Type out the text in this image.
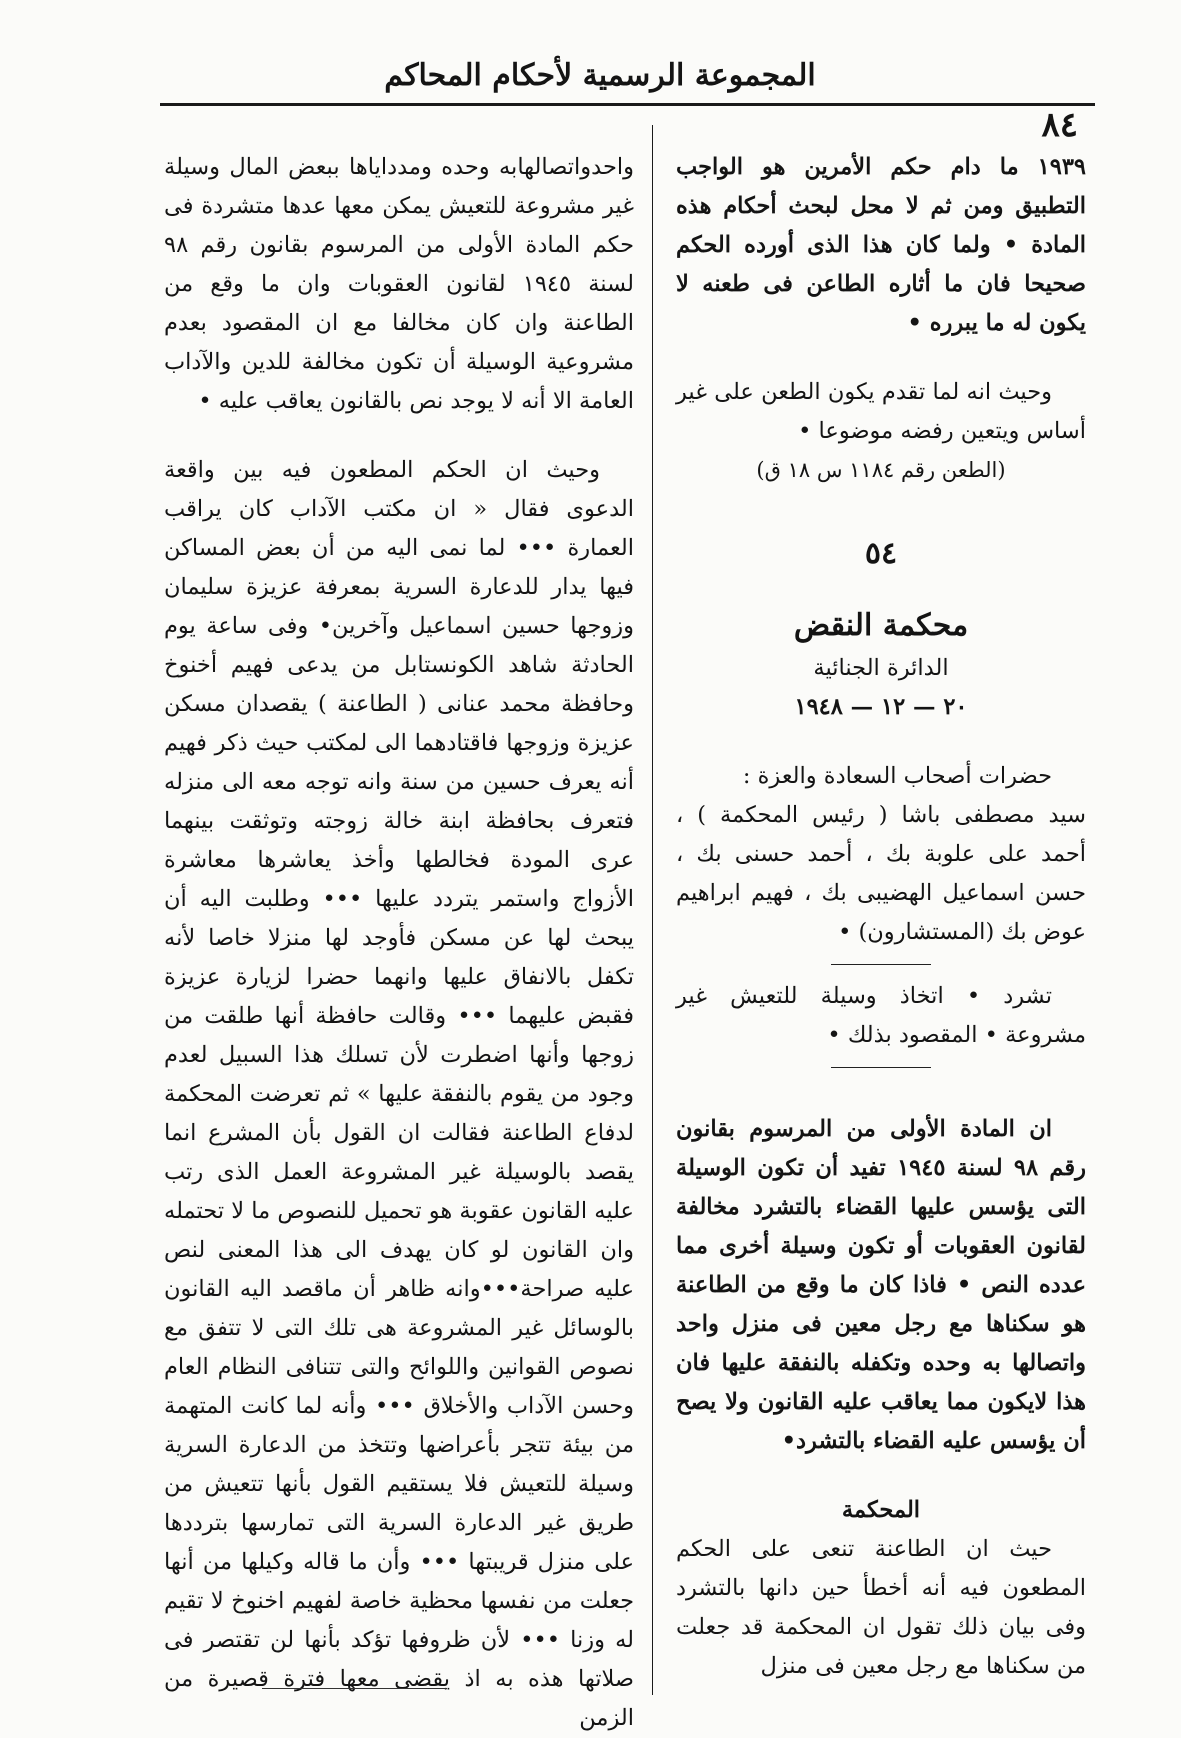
المجموعة الرسمية لأحكام المحاكم
٨٤

١٩٣٩ ما دام حكم الأمرين هو الواجب التطبيق ومن ثم لا محل لبحث أحكام هذه المادة • ولما كان هذا الذى أورده الحكم صحيحا فان ما أثاره الطاعن فى طعنه لا يكون له ما يبرره •

وحيث انه لما تقدم يكون الطعن على غير أساس ويتعين رفضه موضوعا •

(الطعن رقم ١١٨٤ س ١٨ ق)

٥٤

محكمة النقض

الدائرة الجنائية

٢٠ — ١٢ — ١٩٤٨

حضرات أصحاب السعادة والعزة :

سيد مصطفى باشا ( رئيس المحكمة ) ، أحمد على علوبة بك ، أحمد حسنى بك ، حسن اسماعيل الهضيبى بك ، فهيم ابراهيم عوض بك (المستشارون) •

تشرد • اتخاذ وسيلة للتعيش غير مشروعة • المقصود بذلك •

ان المادة الأولى من المرسوم بقانون رقم ٩٨ لسنة ١٩٤٥ تفيد أن تكون الوسيلة التى يؤسس عليها القضاء بالتشرد مخالفة لقانون العقوبات أو تكون وسيلة أخرى مما عدده النص • فاذا كان ما وقع من الطاعنة هو سكناها مع رجل معين فى منزل واحد واتصالها به وحده وتكفله بالنفقة عليها فان هذا لايكون مما يعاقب عليه القانون ولا يصح أن يؤسس عليه القضاء بالتشرد•

المحكمة

حيث ان الطاعنة تنعى على الحكم المطعون فيه أنه أخطأ حين دانها بالتشرد وفى بيان ذلك تقول ان المحكمة قد جعلت من سكناها مع رجل معين فى منزل

واحدواتصالهابه وحده ومدداياها ببعض المال وسيلة غير مشروعة للتعيش يمكن معها عدها متشردة فى حكم المادة الأولى من المرسوم بقانون رقم ٩٨ لسنة ١٩٤٥ لقانون العقوبات وان ما وقع من الطاعنة وان كان مخالفا مع ان المقصود بعدم مشروعية الوسيلة أن تكون مخالفة للدين والآداب العامة الا أنه لا يوجد نص بالقانون يعاقب عليه •

وحيث ان الحكم المطعون فيه بين واقعة الدعوى فقال « ان مكتب الآداب كان يراقب العمارة ••• لما نمى اليه من أن بعض المساكن فيها يدار للدعارة السرية بمعرفة عزيزة سليمان وزوجها حسين اسماعيل وآخرين• وفى ساعة يوم الحادثة شاهد الكونستابل من يدعى فهيم أخنوخ وحافظة محمد عنانى ( الطاعنة ) يقصدان مسكن عزيزة وزوجها فاقتادهما الى لمكتب حيث ذكر فهيم أنه يعرف حسين من سنة وانه توجه معه الى منزله فتعرف بحافظة ابنة خالة زوجته وتوثقت بينهما عرى المودة فخالطها وأخذ يعاشرها معاشرة الأزواج واستمر يتردد عليها ••• وطلبت اليه أن يبحث لها عن مسكن فأوجد لها منزلا خاصا لأنه تكفل بالانفاق عليها وانهما حضرا لزيارة عزيزة فقبض عليهما ••• وقالت حافظة أنها طلقت من زوجها وأنها اضطرت لأن تسلك هذا السبيل لعدم وجود من يقوم بالنفقة عليها » ثم تعرضت المحكمة لدفاع الطاعنة فقالت ان القول بأن المشرع انما يقصد بالوسيلة غير المشروعة العمل الذى رتب عليه القانون عقوبة هو تحميل للنصوص ما لا تحتمله وان القانون لو كان يهدف الى هذا المعنى لنص عليه صراحة•••وانه ظاهر أن ماقصد اليه القانون بالوسائل غير المشروعة هى تلك التى لا تتفق مع نصوص القوانين واللوائح والتى تتنافى النظام العام وحسن الآداب والأخلاق ••• وأنه لما كانت المتهمة من بيئة تتجر بأعراضها وتتخذ من الدعارة السرية وسيلة للتعيش فلا يستقيم القول بأنها تتعيش من طريق غير الدعارة السرية التى تمارسها بترددها على منزل قريبتها ••• وأن ما قاله وكيلها من أنها جعلت من نفسها محظية خاصة لفهيم اخنوخ لا تقيم له وزنا ••• لأن ظروفها تؤكد بأنها لن تقتصر فى صلاتها هذه به اذ يقضى معها فترة قصيرة من الزمن
